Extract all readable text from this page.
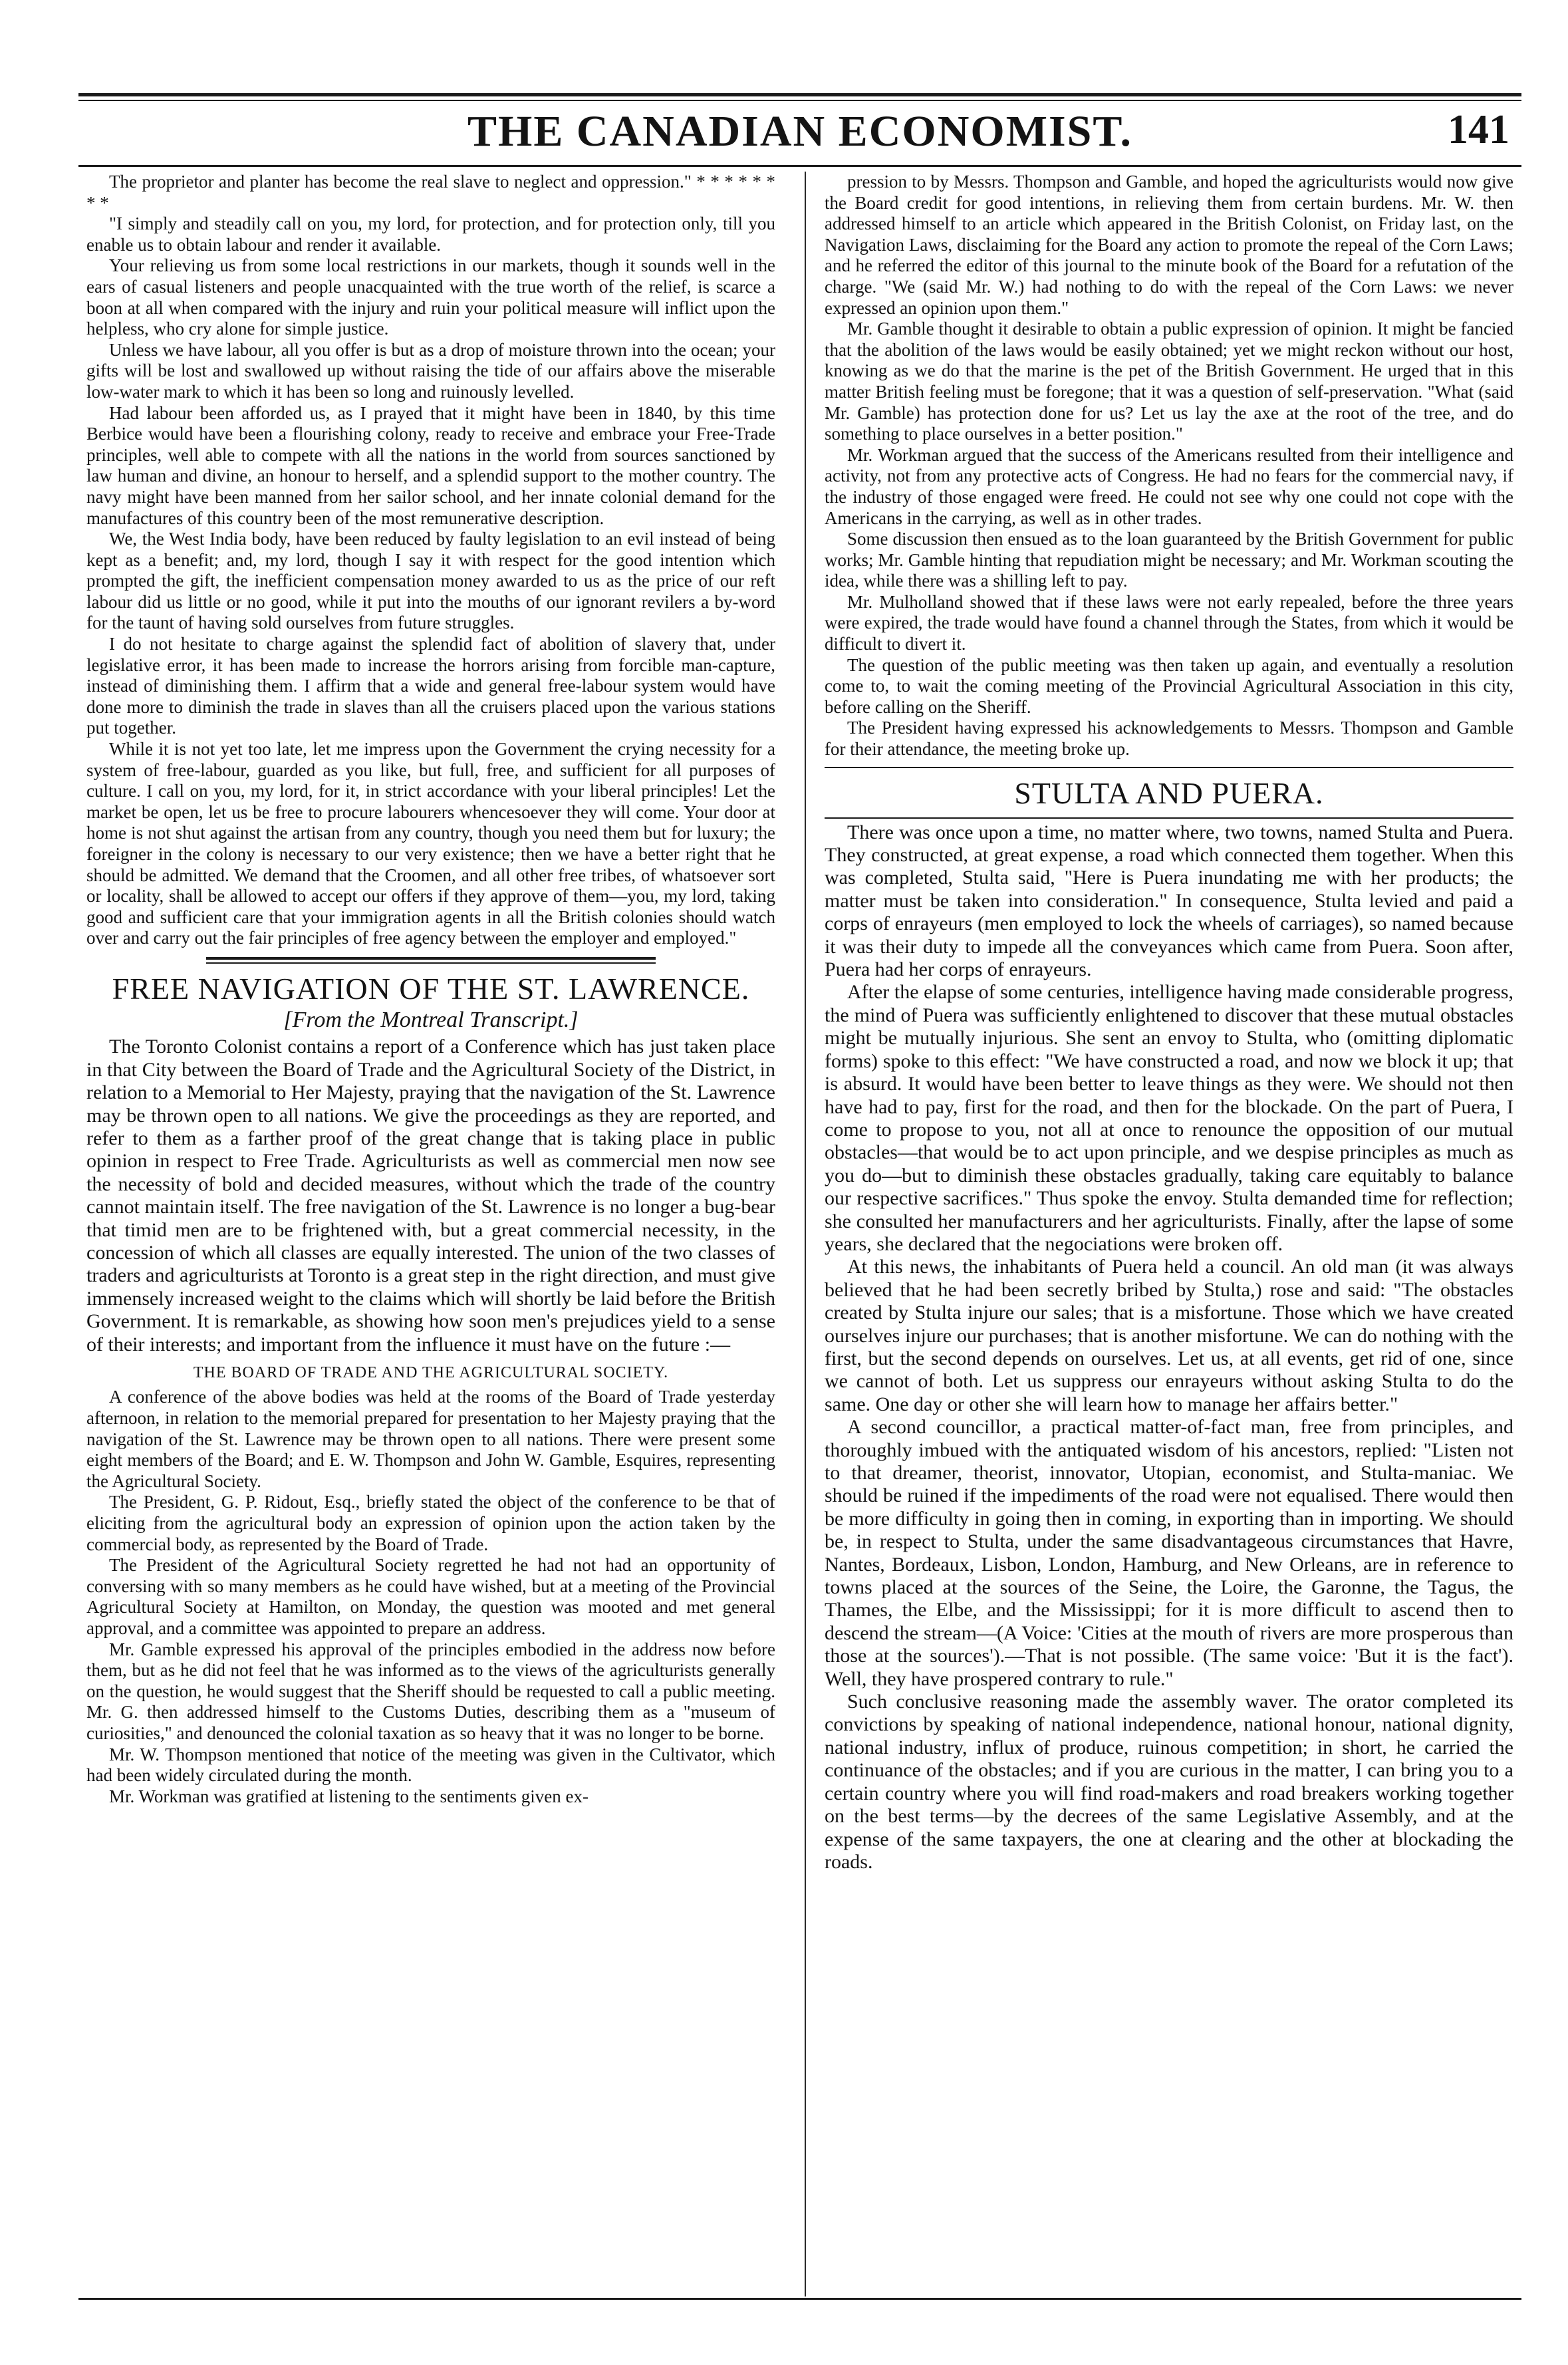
THE CANADIAN ECONOMIST.	141

The proprietor and planter has become the real slave to neglect and oppression." * * * * * * * *

"I simply and steadily call on you, my lord, for protection, and for protection only, till you enable us to obtain labour and render it available.

Your relieving us from some local restrictions in our markets, though it sounds well in the ears of casual listeners and people unacquainted with the true worth of the relief, is scarce a boon at all when compared with the injury and ruin your political measure will inflict upon the helpless, who cry alone for simple justice.

Unless we have labour, all you offer is but as a drop of moisture thrown into the ocean; your gifts will be lost and swallowed up without raising the tide of our affairs above the miserable low-water mark to which it has been so long and ruinously levelled.

Had labour been afforded us, as I prayed that it might have been in 1840, by this time Berbice would have been a flourishing colony, ready to receive and embrace your Free-Trade principles, well able to compete with all the nations in the world from sources sanctioned by law human and divine, an honour to herself, and a splendid support to the mother country. The navy might have been manned from her sailor school, and her innate colonial demand for the manufactures of this country been of the most remunerative description.

We, the West India body, have been reduced by faulty legislation to an evil instead of being kept as a benefit; and, my lord, though I say it with respect for the good intention which prompted the gift, the inefficient compensation money awarded to us as the price of our reft labour did us little or no good, while it put into the mouths of our ignorant revilers a by-word for the taunt of having sold ourselves from future struggles.

I do not hesitate to charge against the splendid fact of abolition of slavery that, under legislative error, it has been made to increase the horrors arising from forcible man-capture, instead of diminishing them. I affirm that a wide and general free-labour system would have done more to diminish the trade in slaves than all the cruisers placed upon the various stations put together.

While it is not yet too late, let me impress upon the Government the crying necessity for a system of free-labour, guarded as you like, but full, free, and sufficient for all purposes of culture. I call on you, my lord, for it, in strict accordance with your liberal principles! Let the market be open, let us be free to procure labourers whencesoever they will come. Your door at home is not shut against the artisan from any country, though you need them but for luxury; the foreigner in the colony is necessary to our very existence; then we have a better right that he should be admitted. We demand that the Croomen, and all other free tribes, of whatsoever sort or locality, shall be allowed to accept our offers if they approve of them—you, my lord, taking good and sufficient care that your immigration agents in all the British colonies should watch over and carry out the fair principles of free agency between the employer and employed."

FREE NAVIGATION OF THE ST. LAWRENCE.
[From the Montreal Transcript.]

The Toronto Colonist contains a report of a Conference which has just taken place in that City between the Board of Trade and the Agricultural Society of the District, in relation to a Memorial to Her Majesty, praying that the navigation of the St. Lawrence may be thrown open to all nations. We give the proceedings as they are reported, and refer to them as a farther proof of the great change that is taking place in public opinion in respect to Free Trade. Agriculturists as well as commercial men now see the necessity of bold and decided measures, without which the trade of the country cannot maintain itself. The free navigation of the St. Lawrence is no longer a bug-bear that timid men are to be frightened with, but a great commercial necessity, in the concession of which all classes are equally interested. The union of the two classes of traders and agriculturists at Toronto is a great step in the right direction, and must give immensely increased weight to the claims which will shortly be laid before the British Government. It is remarkable, as showing how soon men's prejudices yield to a sense of their interests; and important from the influence it must have on the future :—

THE BOARD OF TRADE AND THE AGRICULTURAL SOCIETY.

A conference of the above bodies was held at the rooms of the Board of Trade yesterday afternoon, in relation to the memorial prepared for presentation to her Majesty praying that the navigation of the St. Lawrence may be thrown open to all nations. There were present some eight members of the Board; and E. W. Thompson and John W. Gamble, Esquires, representing the Agricultural Society.

The President, G. P. Ridout, Esq., briefly stated the object of the conference to be that of eliciting from the agricultural body an expression of opinion upon the action taken by the commercial body, as represented by the Board of Trade.

The President of the Agricultural Society regretted he had not had an opportunity of conversing with so many members as he could have wished, but at a meeting of the Provincial Agricultural Society at Hamilton, on Monday, the question was mooted and met general approval, and a committee was appointed to prepare an address.

Mr. Gamble expressed his approval of the principles embodied in the address now before them, but as he did not feel that he was informed as to the views of the agriculturists generally on the question, he would suggest that the Sheriff should be requested to call a public meeting. Mr. G. then addressed himself to the Customs Duties, describing them as a "museum of curiosities," and denounced the colonial taxation as so heavy that it was no longer to be borne.

Mr. W. Thompson mentioned that notice of the meeting was given in the Cultivator, which had been widely circulated during the month.

Mr. Workman was gratified at listening to the sentiments given ex-

pression to by Messrs. Thompson and Gamble, and hoped the agriculturists would now give the Board credit for good intentions, in relieving them from certain burdens. Mr. W. then addressed himself to an article which appeared in the British Colonist, on Friday last, on the Navigation Laws, disclaiming for the Board any action to promote the repeal of the Corn Laws; and he referred the editor of this journal to the minute book of the Board for a refutation of the charge. "We (said Mr. W.) had nothing to do with the repeal of the Corn Laws: we never expressed an opinion upon them."

Mr. Gamble thought it desirable to obtain a public expression of opinion. It might be fancied that the abolition of the laws would be easily obtained; yet we might reckon without our host, knowing as we do that the marine is the pet of the British Government. He urged that in this matter British feeling must be foregone; that it was a question of self-preservation. "What (said Mr. Gamble) has protection done for us? Let us lay the axe at the root of the tree, and do something to place ourselves in a better position."

Mr. Workman argued that the success of the Americans resulted from their intelligence and activity, not from any protective acts of Congress. He had no fears for the commercial navy, if the industry of those engaged were freed. He could not see why one could not cope with the Americans in the carrying, as well as in other trades.

Some discussion then ensued as to the loan guaranteed by the British Government for public works; Mr. Gamble hinting that repudiation might be necessary; and Mr. Workman scouting the idea, while there was a shilling left to pay.

Mr. Mulholland showed that if these laws were not early repealed, before the three years were expired, the trade would have found a channel through the States, from which it would be difficult to divert it.

The question of the public meeting was then taken up again, and eventually a resolution come to, to wait the coming meeting of the Provincial Agricultural Association in this city, before calling on the Sheriff.

The President having expressed his acknowledgements to Messrs. Thompson and Gamble for their attendance, the meeting broke up.

STULTA AND PUERA.

There was once upon a time, no matter where, two towns, named Stulta and Puera. They constructed, at great expense, a road which connected them together. When this was completed, Stulta said, "Here is Puera inundating me with her products; the matter must be taken into consideration." In consequence, Stulta levied and paid a corps of enrayeurs (men employed to lock the wheels of carriages), so named because it was their duty to impede all the conveyances which came from Puera. Soon after, Puera had her corps of enrayeurs.

After the elapse of some centuries, intelligence having made considerable progress, the mind of Puera was sufficiently enlightened to discover that these mutual obstacles might be mutually injurious. She sent an envoy to Stulta, who (omitting diplomatic forms) spoke to this effect: "We have constructed a road, and now we block it up; that is absurd. It would have been better to leave things as they were. We should not then have had to pay, first for the road, and then for the blockade. On the part of Puera, I come to propose to you, not all at once to renounce the opposition of our mutual obstacles—that would be to act upon principle, and we despise principles as much as you do—but to diminish these obstacles gradually, taking care equitably to balance our respective sacrifices." Thus spoke the envoy. Stulta demanded time for reflection; she consulted her manufacturers and her agriculturists. Finally, after the lapse of some years, she declared that the negociations were broken off.

At this news, the inhabitants of Puera held a council. An old man (it was always believed that he had been secretly bribed by Stulta,) rose and said: "The obstacles created by Stulta injure our sales; that is a misfortune. Those which we have created ourselves injure our purchases; that is another misfortune. We can do nothing with the first, but the second depends on ourselves. Let us, at all events, get rid of one, since we cannot of both. Let us suppress our enrayeurs without asking Stulta to do the same. One day or other she will learn how to manage her affairs better."

A second councillor, a practical matter-of-fact man, free from principles, and thoroughly imbued with the antiquated wisdom of his ancestors, replied: "Listen not to that dreamer, theorist, innovator, Utopian, economist, and Stulta-maniac. We should be ruined if the impediments of the road were not equalised. There would then be more difficulty in going then in coming, in exporting than in importing. We should be, in respect to Stulta, under the same disadvantageous circumstances that Havre, Nantes, Bordeaux, Lisbon, London, Hamburg, and New Orleans, are in reference to towns placed at the sources of the Seine, the Loire, the Garonne, the Tagus, the Thames, the Elbe, and the Mississippi; for it is more difficult to ascend then to descend the stream—(A Voice: 'Cities at the mouth of rivers are more prosperous than those at the sources').—That is not possible. (The same voice: 'But it is the fact'). Well, they have prospered contrary to rule."

Such conclusive reasoning made the assembly waver. The orator completed its convictions by speaking of national independence, national honour, national dignity, national industry, influx of produce, ruinous competition; in short, he carried the continuance of the obstacles; and if you are curious in the matter, I can bring you to a certain country where you will find road-makers and road breakers working together on the best terms—by the decrees of the same Legislative Assembly, and at the expense of the same taxpayers, the one at clearing and the other at blockading the roads.
